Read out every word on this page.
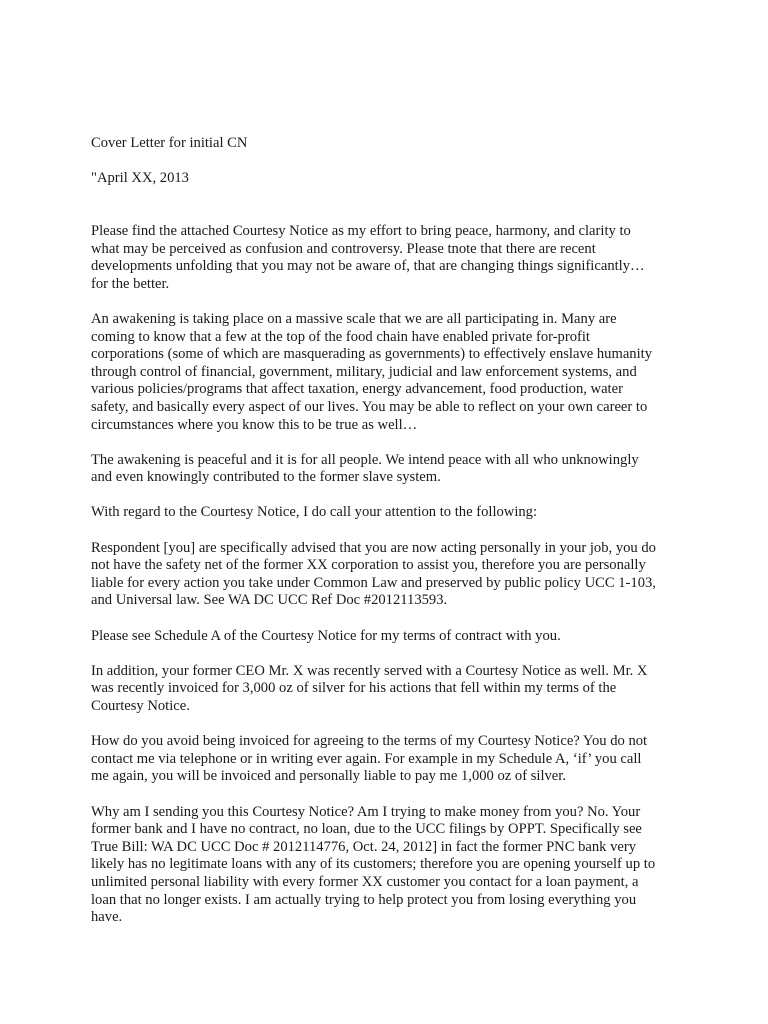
Cover Letter for initial CN

"April XX, 2013

Please find the attached Courtesy Notice as my effort to bring peace, harmony, and clarity to
what may be perceived as confusion and controversy. Please tnote that there are recent
developments unfolding that you may not be aware of, that are changing things significantly…
for the better.
An awakening is taking place on a massive scale that we are all participating in. Many are
coming to know that a few at the top of the food chain have enabled private for-profit
corporations (some of which are masquerading as governments) to effectively enslave humanity
through control of financial, government, military, judicial and law enforcement systems, and
various policies/programs that affect taxation, energy advancement, food production, water
safety, and basically every aspect of our lives. You may be able to reflect on your own career to
circumstances where you know this to be true as well…
The awakening is peaceful and it is for all people. We intend peace with all who unknowingly
and even knowingly contributed to the former slave system.
With regard to the Courtesy Notice, I do call your attention to the following:
Respondent [you] are specifically advised that you are now acting personally in your job, you do
not have the safety net of the former XX corporation to assist you, therefore you are personally
liable for every action you take under Common Law and preserved by public policy UCC 1-103,
and Universal law. See WA DC UCC Ref Doc #2012113593.
Please see Schedule A of the Courtesy Notice for my terms of contract with you.
In addition, your former CEO Mr. X was recently served with a Courtesy Notice as well. Mr. X
was recently invoiced for 3,000 oz of silver for his actions that fell within my terms of the
Courtesy Notice.
How do you avoid being invoiced for agreeing to the terms of my Courtesy Notice? You do not
contact me via telephone or in writing ever again. For example in my Schedule A, ‘if’ you call
me again, you will be invoiced and personally liable to pay me 1,000 oz of silver.
Why am I sending you this Courtesy Notice? Am I trying to make money from you? No. Your
former bank and I have no contract, no loan, due to the UCC filings by OPPT. Specifically see
True Bill: WA DC UCC Doc # 2012114776, Oct. 24, 2012] in fact the former PNC bank very
likely has no legitimate loans with any of its customers; therefore you are opening yourself up to
unlimited personal liability with every former XX customer you contact for a loan payment, a
loan that no longer exists. I am actually trying to help protect you from losing everything you
have.
